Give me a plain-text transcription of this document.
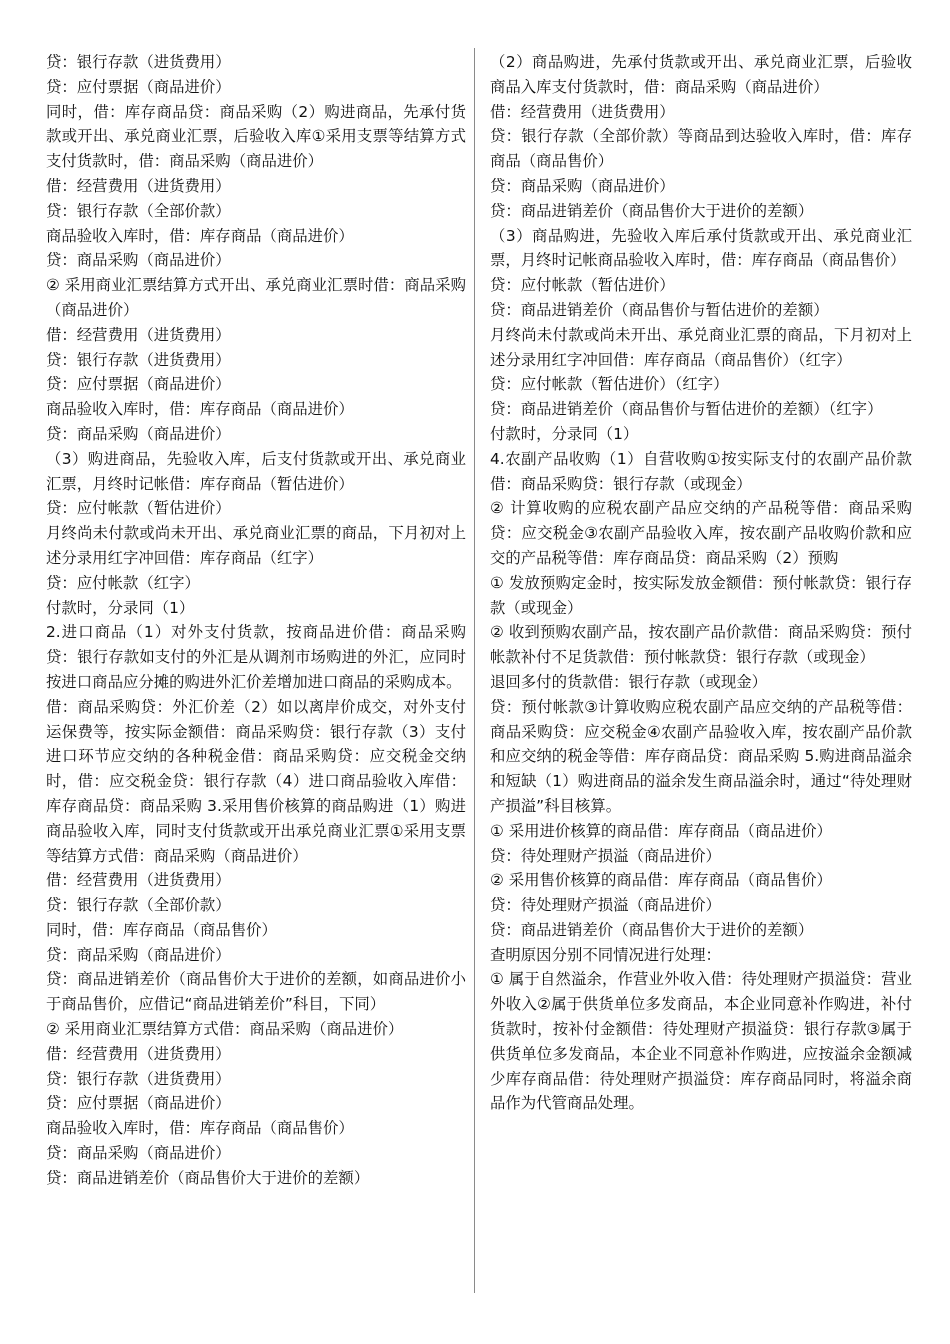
贷：银行存款（进货费用）

贷：应付票据（商品进价）

同时，借：库存商品贷：商品采购（2）购进商品，先承付货款或开出、承兑商业汇票，后验收入库①采用支票等结算方式支付货款时，借：商品采购（商品进价）

借：经营费用（进货费用）

贷：银行存款（全部价款）

商品验收入库时，借：库存商品（商品进价）

贷：商品采购（商品进价）

② 采用商业汇票结算方式开出、承兑商业汇票时借：商品采购（商品进价）

借：经营费用（进货费用）

贷：银行存款（进货费用）

贷：应付票据（商品进价）

商品验收入库时，借：库存商品（商品进价）

贷：商品采购（商品进价）

（3）购进商品，先验收入库，后支付货款或开出、承兑商业汇票，月终时记帐借：库存商品（暂估进价）

贷：应付帐款（暂估进价）

月终尚未付款或尚未开出、承兑商业汇票的商品，下月初对上述分录用红字冲回借：库存商品（红字）

贷：应付帐款（红字）

付款时，分录同（1）

2.进口商品（1）对外支付货款，按商品进价借：商品采购贷：银行存款如支付的外汇是从调剂市场购进的外汇，应同时按进口商品应分摊的购进外汇价差增加进口商品的采购成本。

借：商品采购贷：外汇价差（2）如以离岸价成交，对外支付运保费等，按实际金额借：商品采购贷：银行存款（3）支付进口环节应交纳的各种税金借：商品采购贷：应交税金交纳时，借：应交税金贷：银行存款（4）进口商品验收入库借：库存商品贷：商品采购 3.采用售价核算的商品购进（1）购进商品验收入库，同时支付货款或开出承兑商业汇票①采用支票等结算方式借：商品采购（商品进价）

借：经营费用（进货费用）

贷：银行存款（全部价款）

同时，借：库存商品（商品售价）

贷：商品采购（商品进价）

贷：商品进销差价（商品售价大于进价的差额，如商品进价小于商品售价，应借记“商品进销差价”科目，下同）

② 采用商业汇票结算方式借：商品采购（商品进价）

借：经营费用（进货费用）

贷：银行存款（进货费用）

贷：应付票据（商品进价）

商品验收入库时，借：库存商品（商品售价）

贷：商品采购（商品进价）

贷：商品进销差价（商品售价大于进价的差额）

（2）商品购进，先承付货款或开出、承兑商业汇票，后验收商品入库支付货款时，借：商品采购（商品进价）

借：经营费用（进货费用）

贷：银行存款（全部价款）等商品到达验收入库时，借：库存商品（商品售价）

贷：商品采购（商品进价）

贷：商品进销差价（商品售价大于进价的差额）

（3）商品购进，先验收入库后承付货款或开出、承兑商业汇票，月终时记帐商品验收入库时，借：库存商品（商品售价）

贷：应付帐款（暂估进价）

贷：商品进销差价（商品售价与暂估进价的差额）

月终尚未付款或尚未开出、承兑商业汇票的商品，下月初对上述分录用红字冲回借：库存商品（商品售价）（红字）

贷：应付帐款（暂估进价）（红字）

贷：商品进销差价（商品售价与暂估进价的差额）（红字）

付款时，分录同（1）

4.农副产品收购（1）自营收购①按实际支付的农副产品价款借：商品采购贷：银行存款（或现金）

② 计算收购的应税农副产品应交纳的产品税等借：商品采购贷：应交税金③农副产品验收入库，按农副产品收购价款和应交的产品税等借：库存商品贷：商品采购（2）预购

① 发放预购定金时，按实际发放金额借：预付帐款贷：银行存款（或现金）

② 收到预购农副产品，按农副产品价款借：商品采购贷：预付帐款补付不足货款借：预付帐款贷：银行存款（或现金）

退回多付的货款借：银行存款（或现金）

贷：预付帐款③计算收购应税农副产品应交纳的产品税等借：商品采购贷：应交税金④农副产品验收入库，按农副产品价款和应交纳的税金等借：库存商品贷：商品采购 5.购进商品溢余和短缺（1）购进商品的溢余发生商品溢余时，通过“待处理财产损溢”科目核算。

① 采用进价核算的商品借：库存商品（商品进价）

贷：待处理财产损溢（商品进价）

② 采用售价核算的商品借：库存商品（商品售价）

贷：待处理财产损溢（商品进价）

贷：商品进销差价（商品售价大于进价的差额）

查明原因分别不同情况进行处理：

① 属于自然溢余，作营业外收入借：待处理财产损溢贷：营业外收入②属于供货单位多发商品，本企业同意补作购进，补付货款时，按补付金额借：待处理财产损溢贷：银行存款③属于供货单位多发商品，本企业不同意补作购进，应按溢余金额减少库存商品借：待处理财产损溢贷：库存商品同时，将溢余商品作为代管商品处理。
